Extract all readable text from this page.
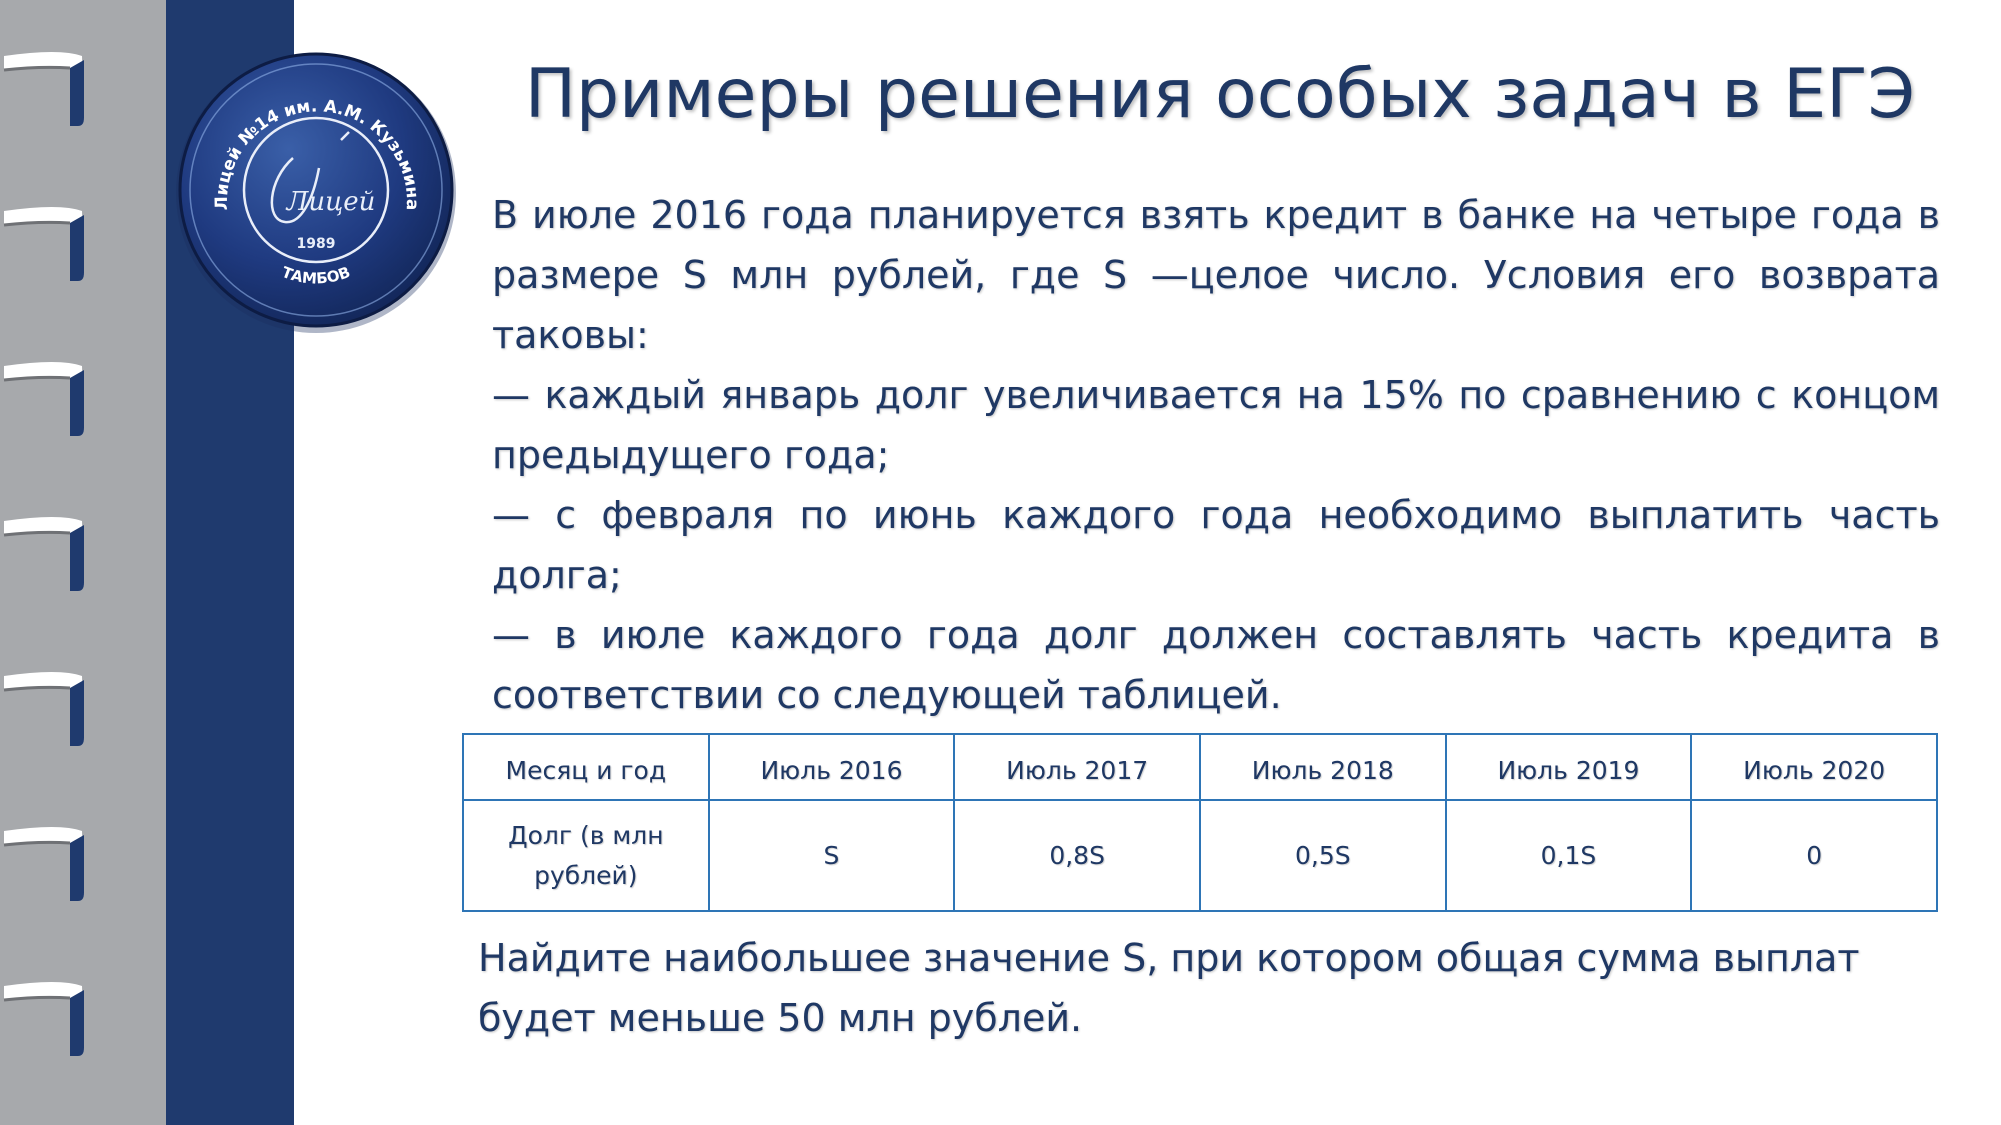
Лицей №14 им. А.М. Кузьмина
ТАМБОВ
Лицей
1989
Примеры решения особых задач в ЕГЭ

В июле 2016 года планируется взять кредит в банке на четыре года в размере S млн рублей, где S —целое число. Условия его возврата таковы:

— каждый январь долг увеличивается на 15% по сравнению с концом предыдущего года;

— с февраля по июнь каждого года необходимо выплатить часть долга;

— в июле каждого года долг должен составлять часть кредита в соответствии со следующей таблицей.

Месяц и год	Июль 2016	Июль 2017	Июль 2018	Июль 2019	Июль 2020
Долг (в млн рублей)	S	0,8S	0,5S	0,1S	0
Найдите наибольшее значение S, при котором общая сумма выплат будет меньше 50 млн рублей.
